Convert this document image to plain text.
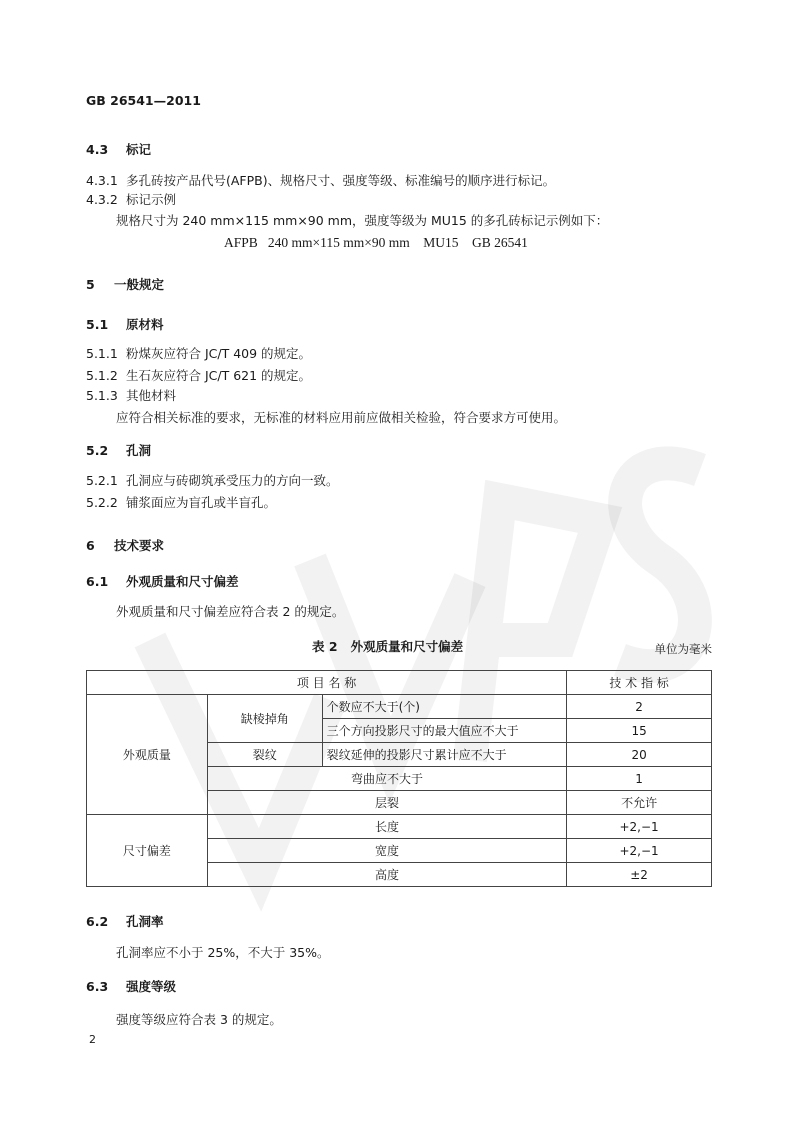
GB 26541—2011
4.3 标记
4.3.1 多孔砖按产品代号(AFPB)、规格尺寸、强度等级、标准编号的顺序进行标记。
4.3.2 标记示例
规格尺寸为 240 mm×115 mm×90 mm，强度等级为 MU15 的多孔砖标记示例如下：
AFPB   240 mm×115 mm×90 mm    MU15    GB 26541
5 一般规定
5.1 原材料
5.1.1 粉煤灰应符合 JC/T 409 的规定。
5.1.2 生石灰应符合 JC/T 621 的规定。
5.1.3 其他材料
应符合相关标准的要求，无标准的材料应用前应做相关检验，符合要求方可使用。
5.2 孔洞
5.2.1 孔洞应与砖砌筑承受压力的方向一致。
5.2.2 铺浆面应为盲孔或半盲孔。
6 技术要求
6.1 外观质量和尺寸偏差
外观质量和尺寸偏差应符合表 2 的规定。
表 2   外观质量和尺寸偏差	单位为毫米
项 目 名 称			技 术 指 标
外观质量	缺棱掉角	个数应不大于(个)	2
		三个方向投影尺寸的最大值应不大于	15
	裂纹	裂纹延伸的投影尺寸累计应不大于	20
	弯曲应不大于		1
	层裂		不允许
尺寸偏差	长度		+2,−1
	宽度		+2,−1
	高度		±2
6.2 孔洞率
孔洞率应不小于 25%，不大于 35%。
6.3 强度等级
强度等级应符合表 3 的规定。
2
